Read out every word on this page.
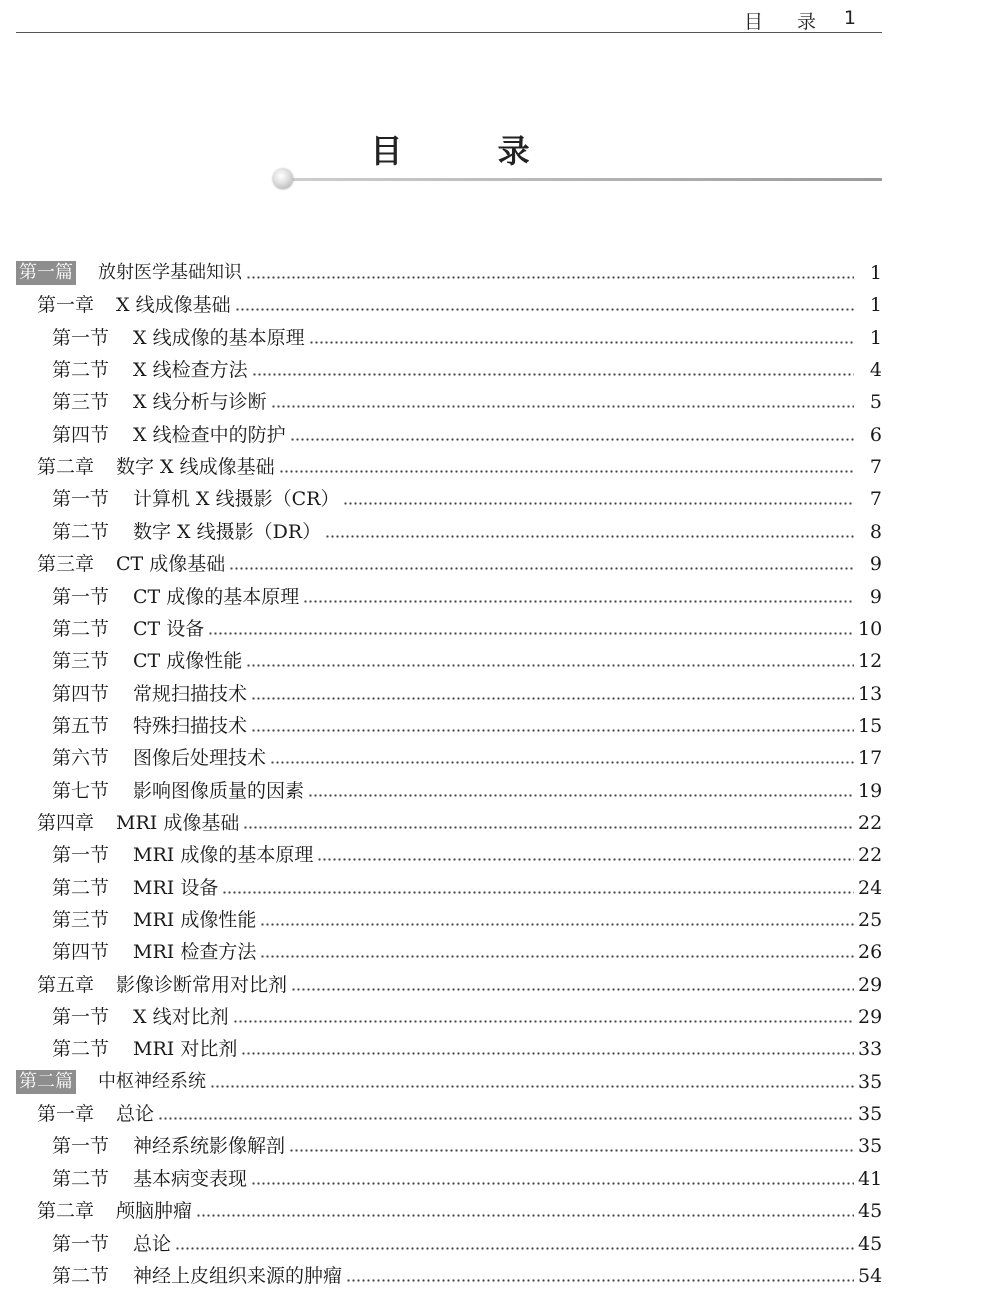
目 录 1
目 录
第一篇 放射医学基础知识	1
第一章 X 线成像基础	1
第一节 X 线成像的基本原理	1
第二节 X 线检查方法	4
第三节 X 线分析与诊断	5
第四节 X 线检查中的防护	6
第二章 数字 X 线成像基础	7
第一节 计算机 X 线摄影（CR）	7
第二节 数字 X 线摄影（DR）	8
第三章 CT 成像基础	9
第一节 CT 成像的基本原理	9
第二节 CT 设备	10
第三节 CT 成像性能	12
第四节 常规扫描技术	13
第五节 特殊扫描技术	15
第六节 图像后处理技术	17
第七节 影响图像质量的因素	19
第四章 MRI 成像基础	22
第一节 MRI 成像的基本原理	22
第二节 MRI 设备	24
第三节 MRI 成像性能	25
第四节 MRI 检查方法	26
第五章 影像诊断常用对比剂	29
第一节 X 线对比剂	29
第二节 MRI 对比剂	33
第二篇 中枢神经系统	35
第一章 总论	35
第一节 神经系统影像解剖	35
第二节 基本病变表现	41
第二章 颅脑肿瘤	45
第一节 总论	45
第二节 神经上皮组织来源的肿瘤	54
